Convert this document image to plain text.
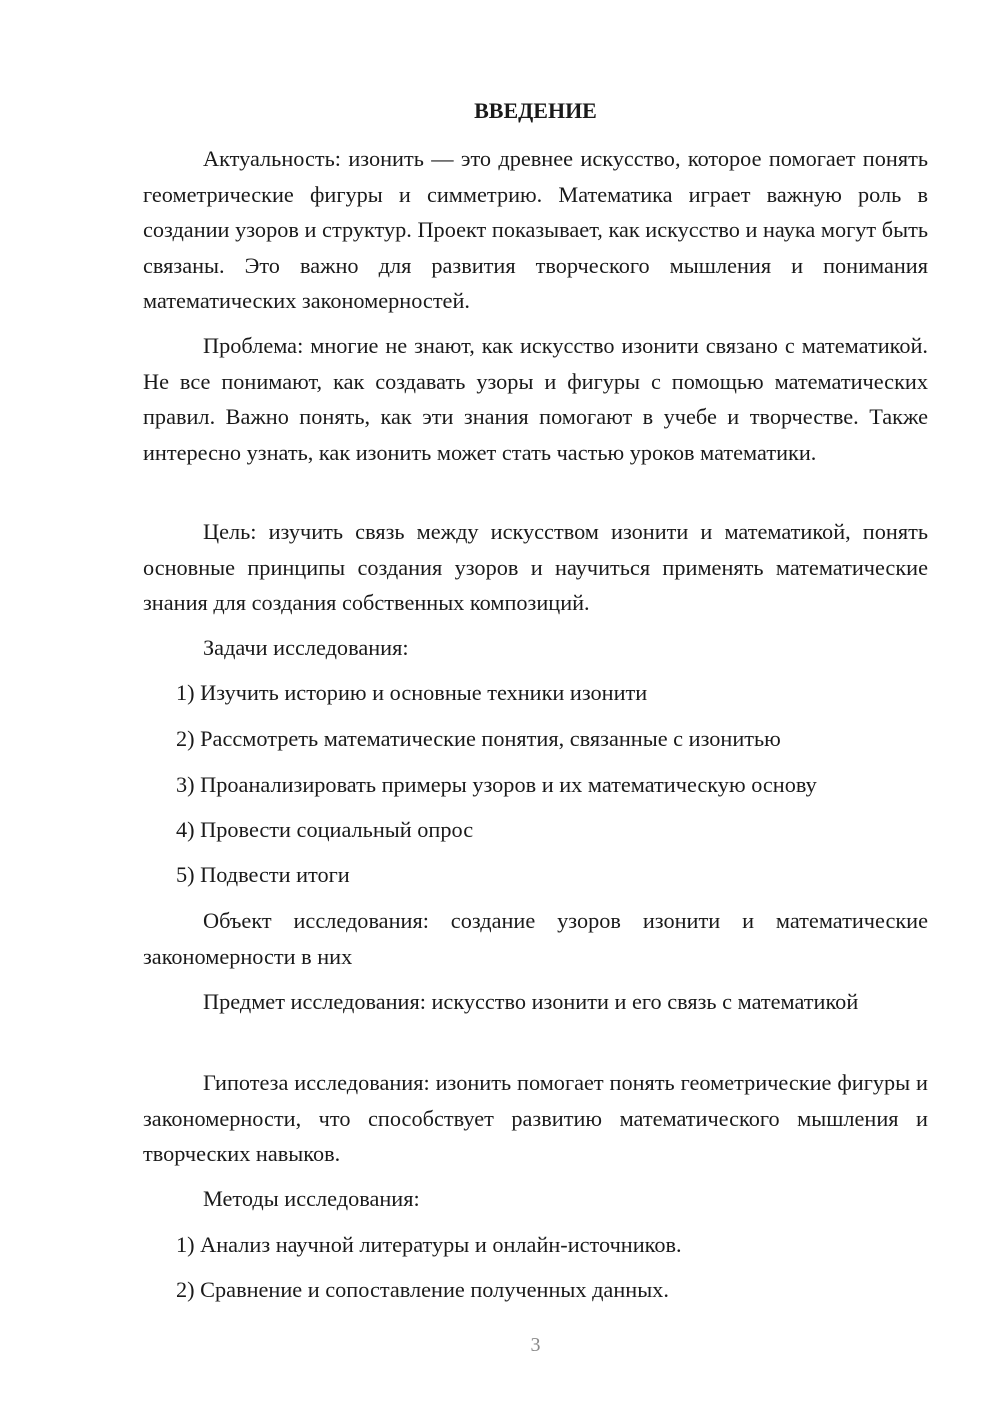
ВВЕДЕНИЕ

Актуальность: изонить — это древнее искусство, которое помогает понять геометрические фигуры и симметрию. Математика играет важную роль в создании узоров и структур. Проект показывает, как искусство и наука могут быть связаны. Это важно для развития творческого мышления и понимания математических закономерностей.

Проблема: многие не знают, как искусство изонити связано с математикой. Не все понимают, как создавать узоры и фигуры с помощью математических правил. Важно понять, как эти знания помогают в учебе и творчестве. Также интересно узнать, как изонить может стать частью уроков математики.

Цель: изучить связь между искусством изонити и математикой, понять основные принципы создания узоров и научиться применять математические знания для создания собственных композиций.

Задачи исследования:

1) Изучить историю и основные техники изонити

2) Рассмотреть математические понятия, связанные с изонитью

3) Проанализировать примеры узоров и их математическую основу

4) Провести социальный опрос

5) Подвести итоги

Объект исследования: создание узоров изонити и математические закономерности в них

Предмет исследования: искусство изонити и его связь с математикой

Гипотеза исследования: изонить помогает понять геометрические фигуры и закономерности, что способствует развитию математического мышления и творческих навыков.

Методы исследования:

1) Анализ научной литературы и онлайн-источников.

2) Сравнение и сопоставление полученных данных.

3
